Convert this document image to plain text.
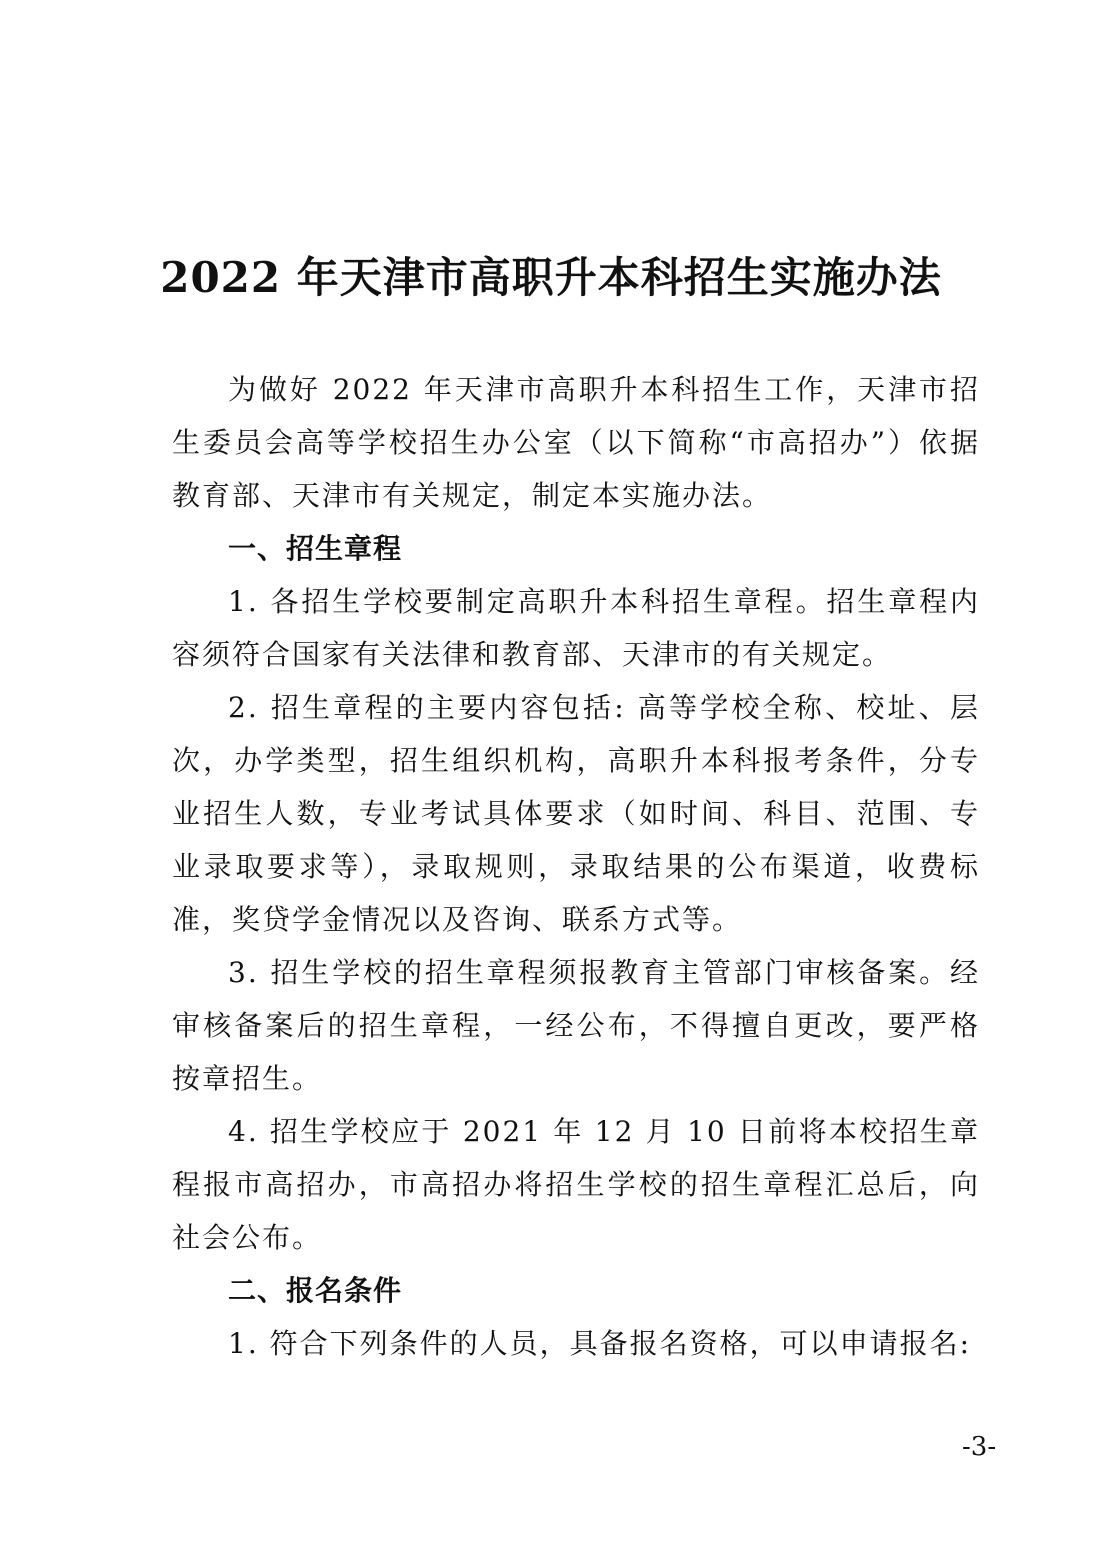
2022 年天津市高职升本科招生实施办法

为做好 2022 年天津市高职升本科招生工作，天津市招生委员会高等学校招生办公室（以下简称“市高招办”）依据教育部、天津市有关规定，制定本实施办法。

一、招生章程

1. 各招生学校要制定高职升本科招生章程。招生章程内容须符合国家有关法律和教育部、天津市的有关规定。

2. 招生章程的主要内容包括: 高等学校全称、校址、层次，办学类型，招生组织机构，高职升本科报考条件，分专业招生人数，专业考试具体要求（如时间、科目、范围、专业录取要求等），录取规则，录取结果的公布渠道，收费标准，奖贷学金情况以及咨询、联系方式等。

3. 招生学校的招生章程须报教育主管部门审核备案。经审核备案后的招生章程，一经公布，不得擅自更改，要严格按章招生。

4. 招生学校应于 2021 年 12 月 10 日前将本校招生章程报市高招办，市高招办将招生学校的招生章程汇总后，向社会公布。

二、报名条件

1. 符合下列条件的人员，具备报名资格，可以申请报名:

-3-
